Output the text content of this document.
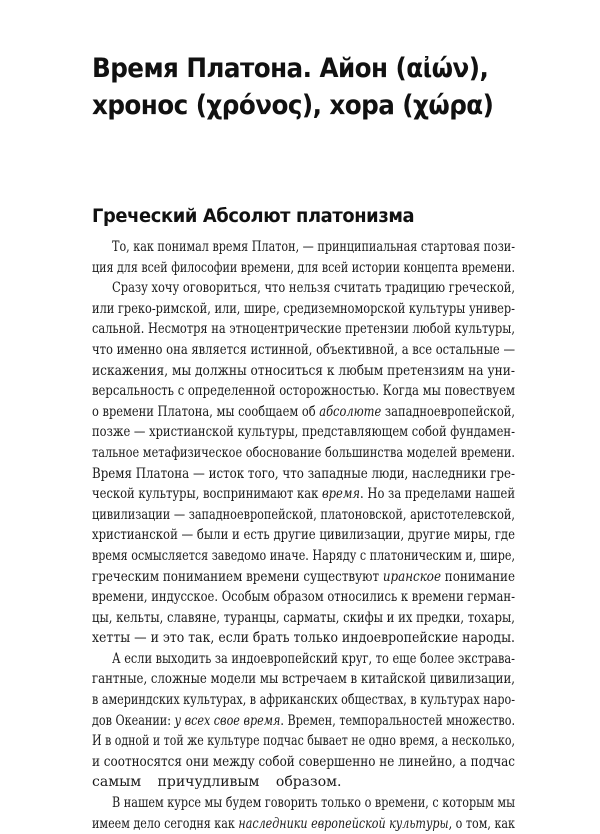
Время Платона. Айон (αἰών),
хронос (χρόνος), хора (χώρα)
Греческий Абсолют платонизма
То, как понимал время Платон, — принципиальная стартовая пози-
ция для всей философии времени, для всей истории концепта времени.
Сразу хочу оговориться, что нельзя считать традицию греческой,
или греко-римской, или, шире, средиземноморской культуры универ-
сальной. Несмотря на этноцентрические претензии любой культуры,
что именно она является истинной, объективной, а все остальные —
искажения, мы должны относиться к любым претензиям на уни-
версальность с определенной осторожностью. Когда мы повествуем
о времени Платона, мы сообщаем об абсолюте западноевропейской,
позже — христианской культуры, представляющем собой фундамен-
тальное метафизическое обоснование большинства моделей времени.
Время Платона — исток того, что западные люди, наследники гре-
ческой культуры, воспринимают как время. Но за пределами нашей
цивилизации — западноевропейской, платоновской, аристотелевской,
христианской — были и есть другие цивилизации, другие миры, где
время осмысляется заведомо иначе. Наряду с платоническим и, шире,
греческим пониманием времени существуют иранское понимание
времени, индусское. Особым образом относились к времени герман-
цы, кельты, славяне, туранцы, сарматы, скифы и их предки, тохары,
хетты — и это так, если брать только индоевропейские народы.
А если выходить за индоевропейский круг, то еще более экстрава-
гантные, сложные модели мы встречаем в китайской цивилизации,
в америндских культурах, в африканских обществах, в культурах наро-
дов Океании: у всех свое время. Времен, темпоральностей множество.
И в одной и той же культуре подчас бывает не одно время, а несколько,
и соотносятся они между собой совершенно не линейно, а подчас
самым причудливым образом.
В нашем курсе мы будем говорить только о времени, с которым мы
имеем дело сегодня как наследники европейской культуры, о том, как
